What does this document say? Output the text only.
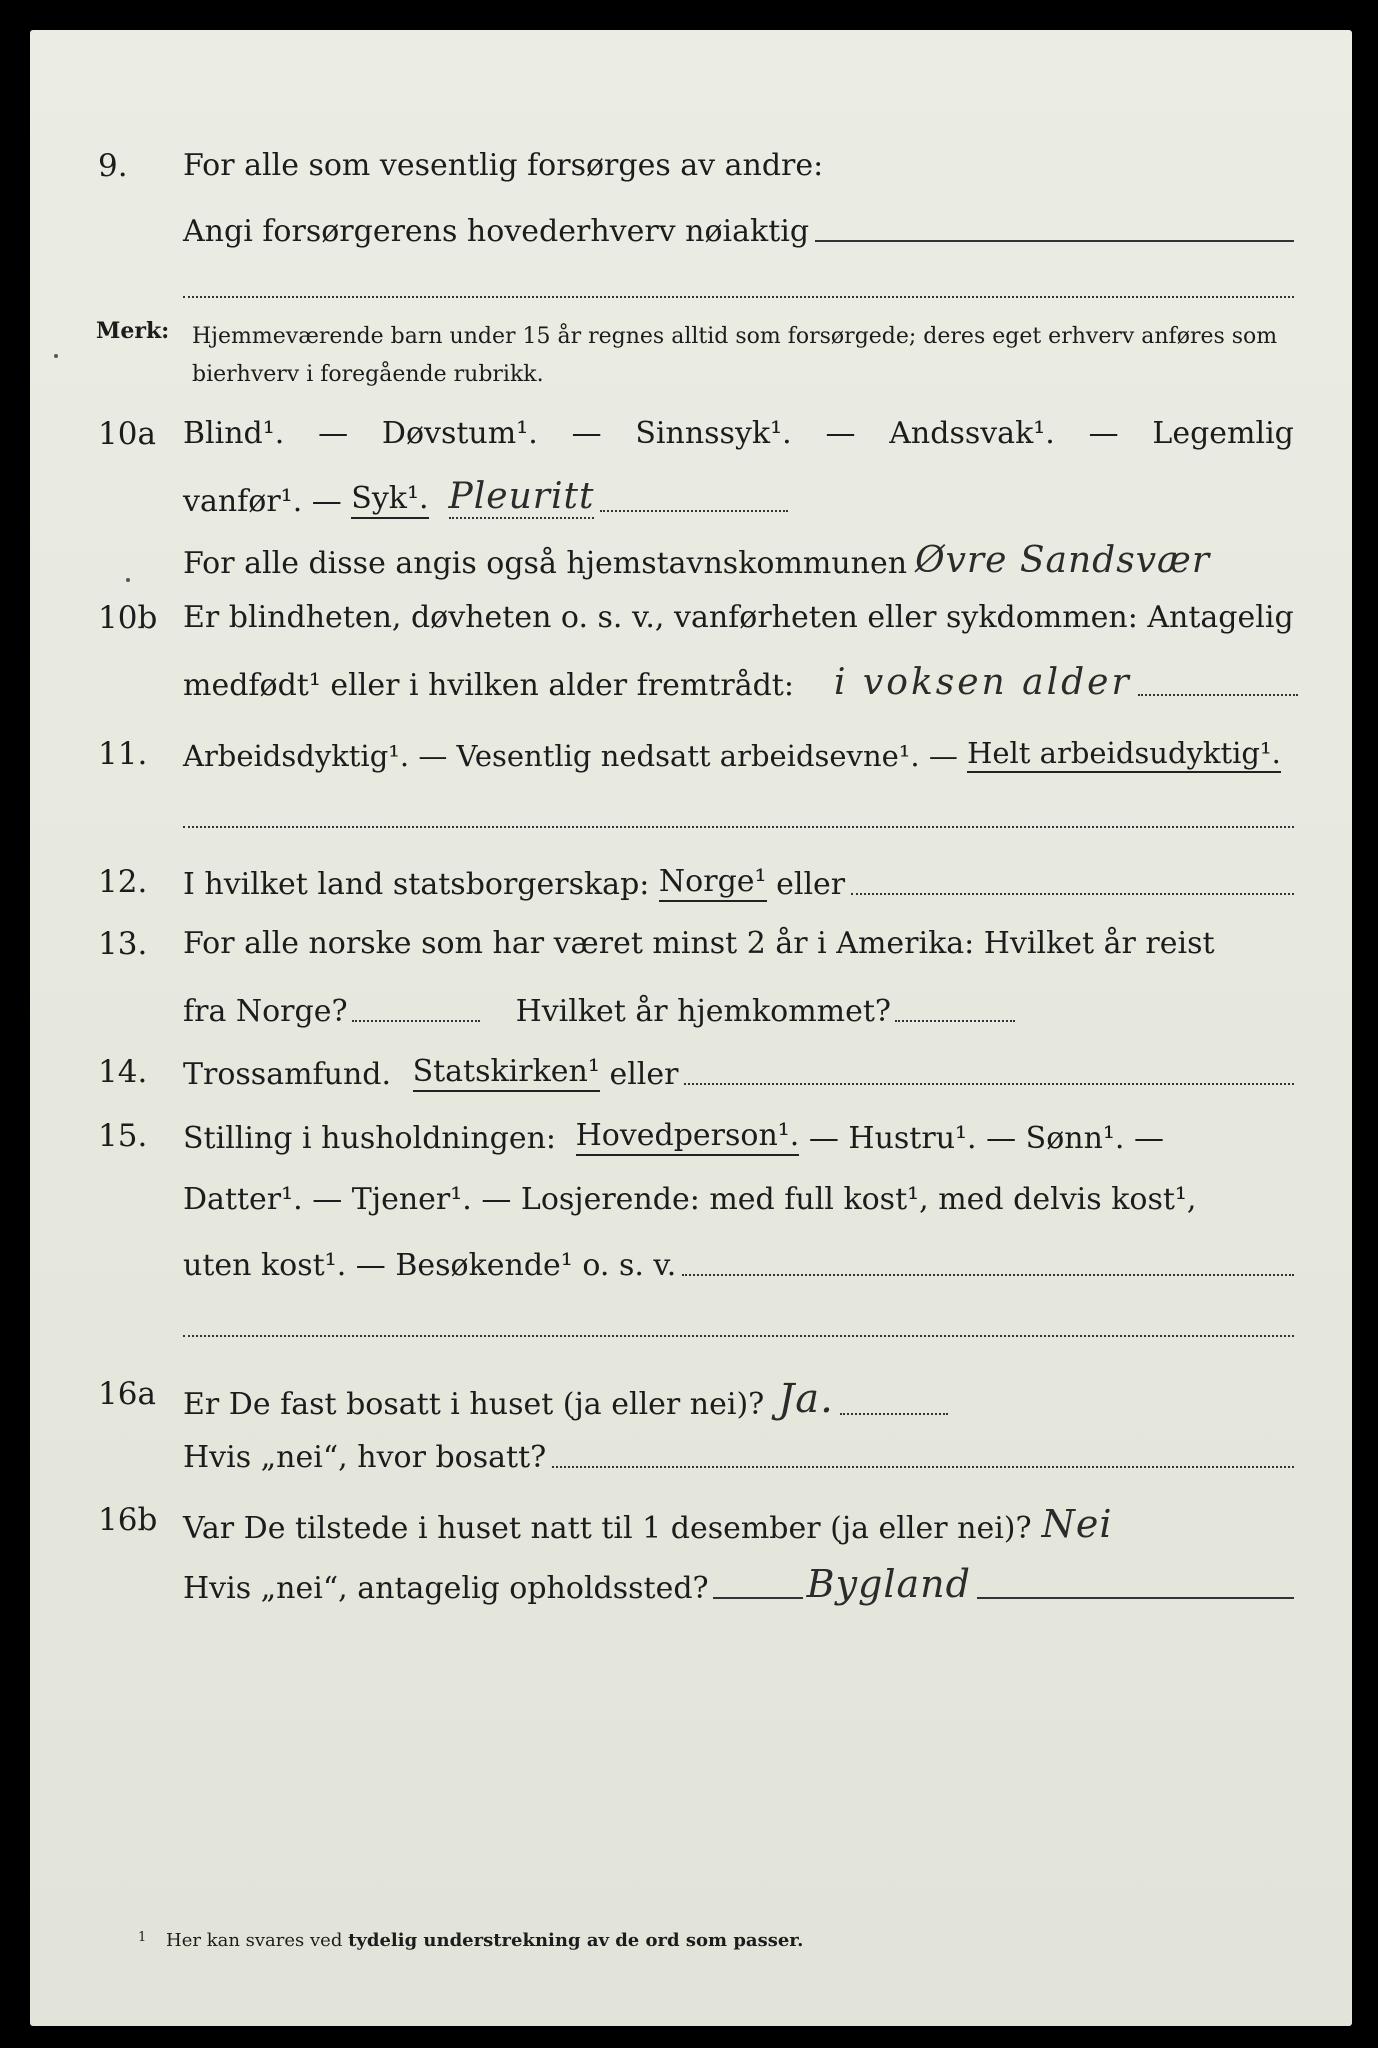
9.	For alle som vesentlig forsørges av andre:
Angi forsørgerens hovederhverv nøiaktig
Merk: Hjemmeværende barn under 15 år regnes alltid som forsørgede; deres eget erhverv anføres som bierhverv i foregående rubrikk.
10a Blind¹. — Døvstum¹. — Sinnssyk¹. — Andssvak¹. — Legemlig
vanfør¹. — Syk¹. Pleuritt
For alle disse angis også hjemstavnskommunen Øvre Sandsvær
10b Er blindheten, døvheten o. s. v., vanførheten eller sykdommen: Antagelig
medfødt¹ eller i hvilken alder fremtrådt: i voksen alder
11.	Arbeidsdyktig¹. — Vesentlig nedsatt arbeidsevne¹. — Helt arbeidsudyktig¹.
12.	I hvilket land statsborgerskap: Norge¹ eller
13.	For alle norske som har været minst 2 år i Amerika: Hvilket år reist
fra Norge?	Hvilket år hjemkommet?
14.	Trossamfund. Statskirken¹ eller
15.	Stilling i husholdningen: Hovedperson¹. — Hustru¹. — Sønn¹. —
Datter¹. — Tjener¹. — Losjerende: med full kost¹, med delvis kost¹,
uten kost¹. — Besøkende¹ o. s. v.
16a Er De fast bosatt i huset (ja eller nei)? Ja.
Hvis „nei“, hvor bosatt?
16b Var De tilstede i huset natt til 1 desember (ja eller nei)? Nei
Hvis „nei“, antagelig opholdssted?	Bygland
$^1$ Her kan svares ved tydelig understrekning av de ord som passer.
